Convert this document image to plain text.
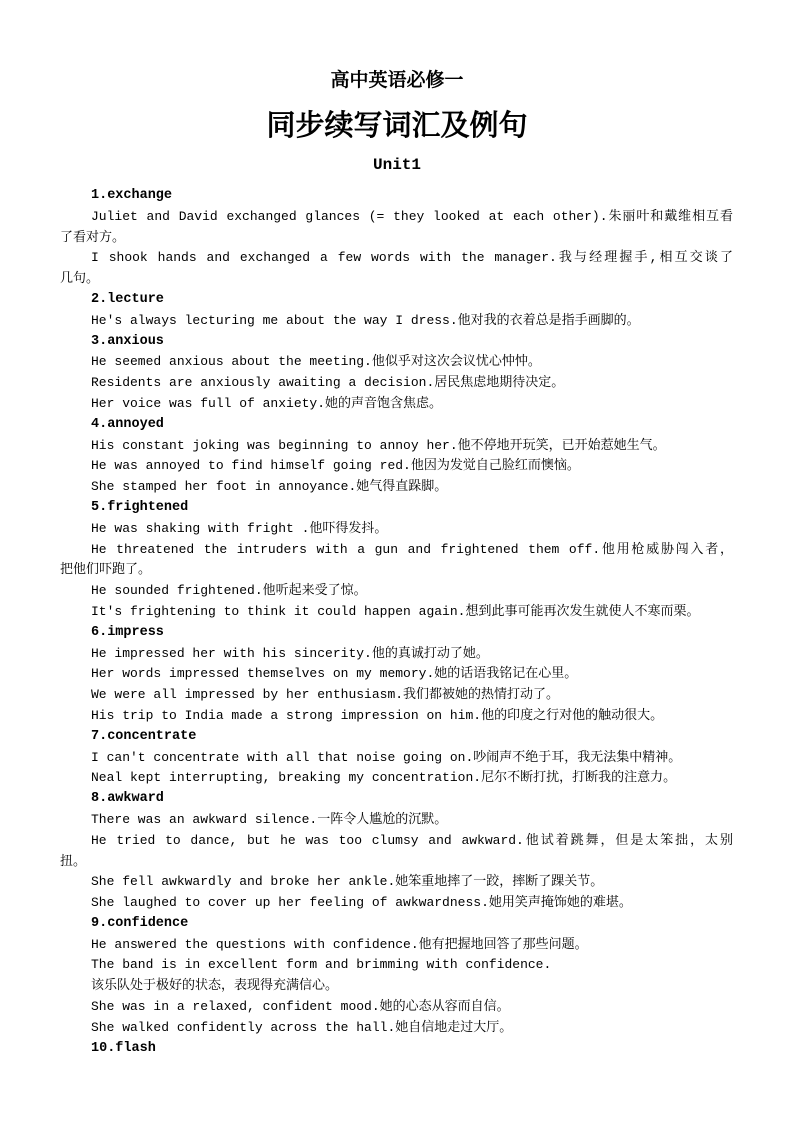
高中英语必修一
同步续写词汇及例句
Unit1
1.exchange
Juliet and David exchanged glances (= they looked at each other).朱丽叶和戴维相互看
了看对方。
I shook hands and exchanged a few words with the manager.我与经理握手,相互交谈了
几句。
2.lecture
He's always lecturing me about the way I dress.他对我的衣着总是指手画脚的。
3.anxious
He seemed anxious about the meeting.他似乎对这次会议忧心忡忡。
Residents are anxiously awaiting a decision.居民焦虑地期待决定。
Her voice was full of anxiety.她的声音饱含焦虑。
4.annoyed
His constant joking was beginning to annoy her.他不停地开玩笑，已开始惹她生气。
He was annoyed to find himself going red.他因为发觉自己脸红而懊恼。
She stamped her foot in annoyance.她气得直跺脚。
5.frightened
He was shaking with fright .他吓得发抖。
He threatened the intruders with a gun and frightened them off.他用枪威胁闯入者，
把他们吓跑了。
He sounded frightened.他听起来受了惊。
It's frightening to think it could happen again.想到此事可能再次发生就使人不寒而栗。
6.impress
He impressed her with his sincerity.他的真诚打动了她。
Her words impressed themselves on my memory.她的话语我铭记在心里。
We were all impressed by her enthusiasm.我们都被她的热情打动了。
His trip to India made a strong impression on him.他的印度之行对他的触动很大。
7.concentrate
I can't concentrate with all that noise going on.吵闹声不绝于耳，我无法集中精神。
Neal kept interrupting, breaking my concentration.尼尔不断打扰，打断我的注意力。
8.awkward
There was an awkward silence.一阵令人尴尬的沉默。
He tried to dance, but he was too clumsy and awkward.他试着跳舞，但是太笨拙，太别
扭。
She fell awkwardly and broke her ankle.她笨重地摔了一跤，摔断了踝关节。
She laughed to cover up her feeling of awkwardness.她用笑声掩饰她的难堪。
9.confidence
He answered the questions with confidence.他有把握地回答了那些问题。
The band is in excellent form and brimming with confidence.
该乐队处于极好的状态，表现得充满信心。
She was in a relaxed, confident mood.她的心态从容而自信。
She walked confidently across the hall.她自信地走过大厅。
10.flash
